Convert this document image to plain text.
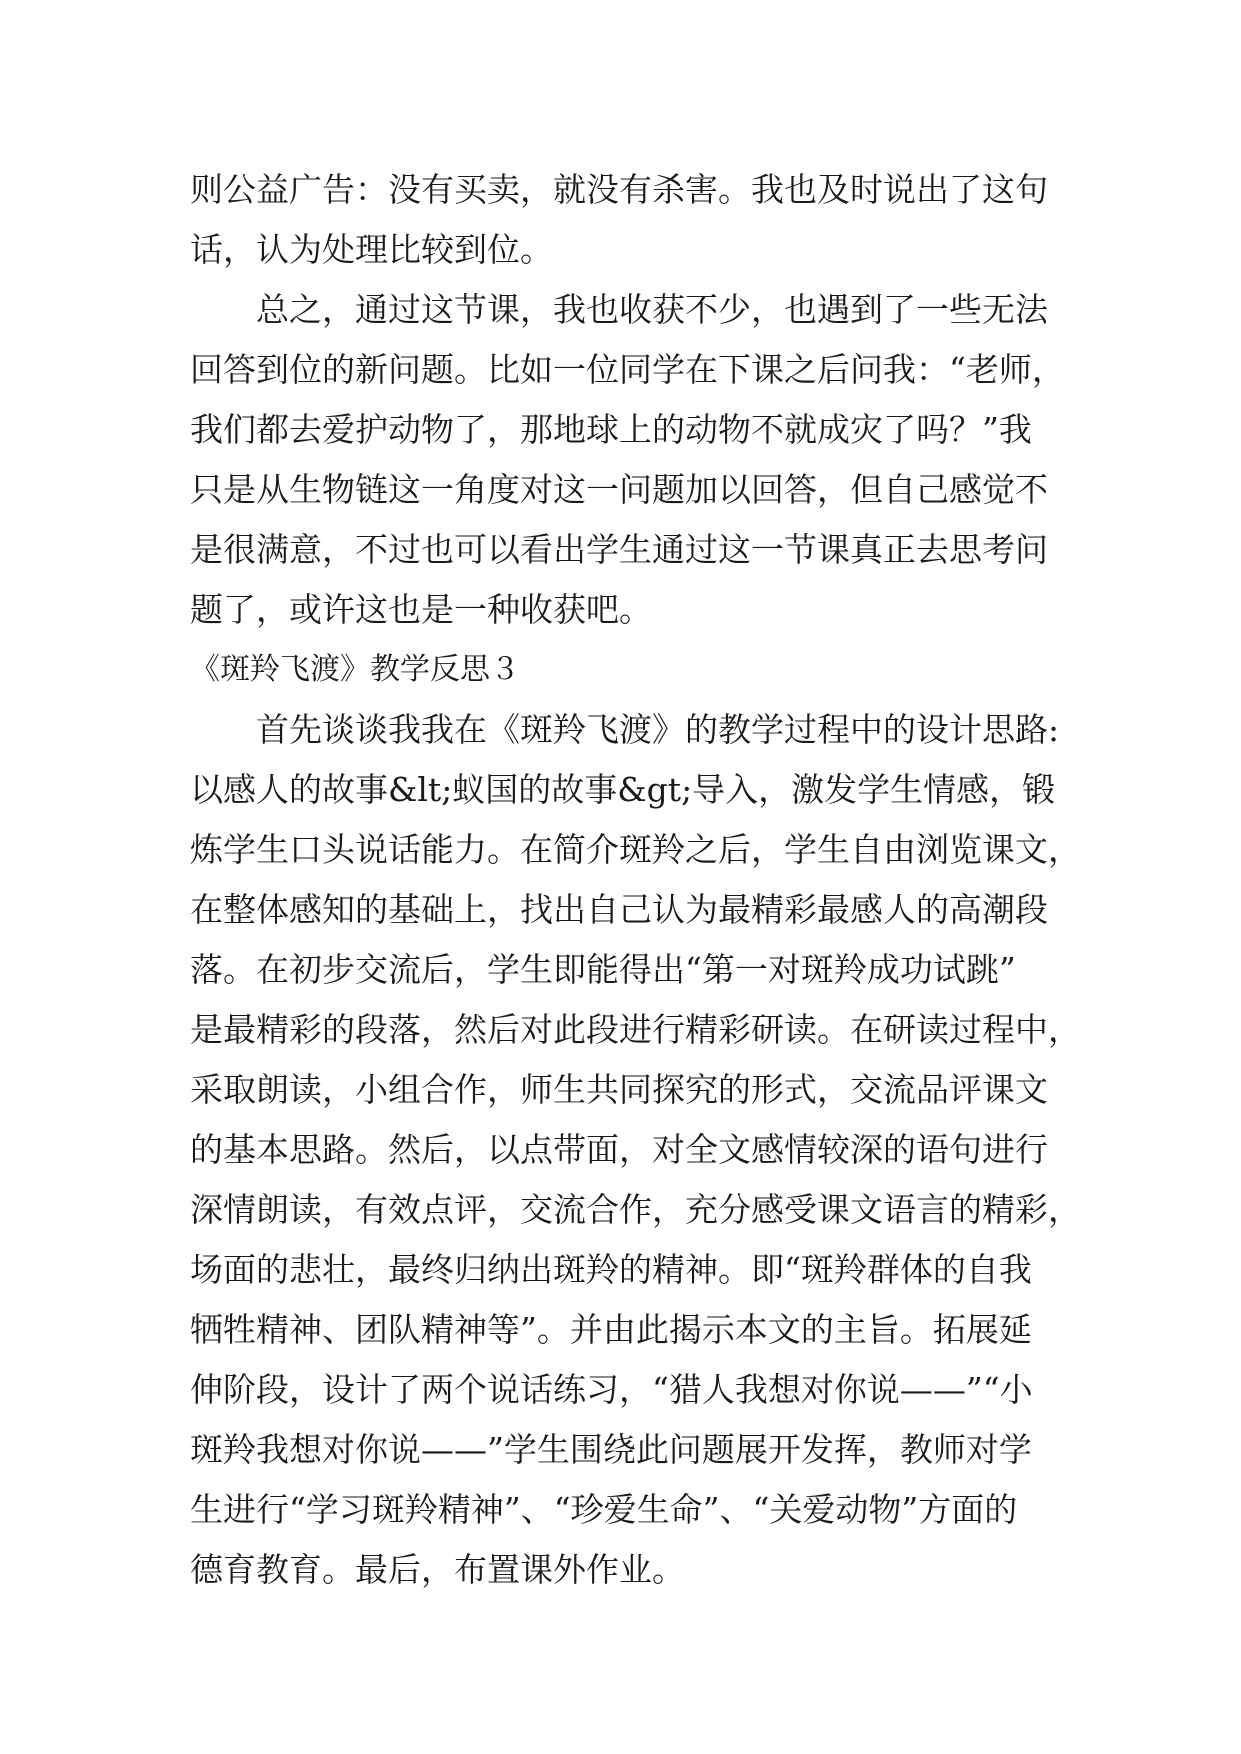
则公益广告：没有买卖，就没有杀害。我也及时说出了这句
话，认为处理比较到位。
总之，通过这节课，我也收获不少，也遇到了一些无法
回答到位的新问题。比如一位同学在下课之后问我：“老师，
我们都去爱护动物了，那地球上的动物不就成灾了吗？”我
只是从生物链这一角度对这一问题加以回答，但自己感觉不
是很满意，不过也可以看出学生通过这一节课真正去思考问
题了，或许这也是一种收获吧。
《斑羚飞渡》教学反思３
首先谈谈我我在《斑羚飞渡》的教学过程中的设计思路:
以感人的故事&lt;蚁国的故事&gt;导入，激发学生情感，锻
炼学生口头说话能力。在简介斑羚之后，学生自由浏览课文，
在整体感知的基础上，找出自己认为最精彩最感人的高潮段
落。在初步交流后，学生即能得出“第一对斑羚成功试跳”
是最精彩的段落，然后对此段进行精彩研读。在研读过程中，
采取朗读，小组合作，师生共同探究的形式，交流品评课文
的基本思路。然后，以点带面，对全文感情较深的语句进行
深情朗读，有效点评，交流合作，充分感受课文语言的精彩，
场面的悲壮，最终归纳出斑羚的精神。即“斑羚群体的自我
牺牲精神、团队精神等”。并由此揭示本文的主旨。拓展延
伸阶段，设计了两个说话练习，“猎人我想对你说——”“小
斑羚我想对你说——”学生围绕此问题展开发挥，教师对学
生进行“学习斑羚精神”、“珍爱生命”、“关爱动物”方面的
德育教育。最后，布置课外作业。
